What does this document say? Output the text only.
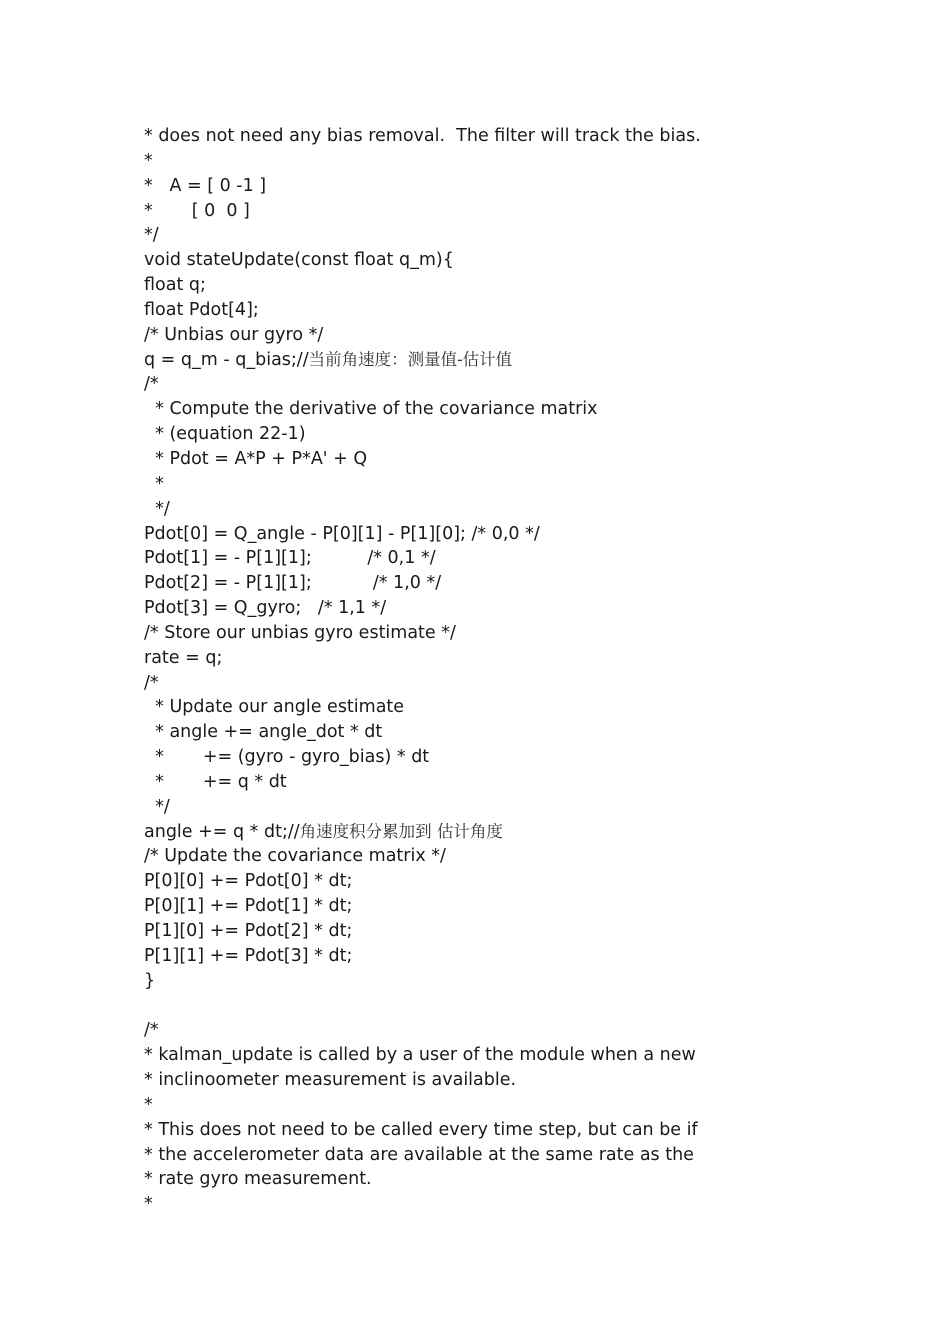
* does not need any bias removal.  The filter will track the bias.
*
*   A = [ 0 -1 ]
*       [ 0  0 ]
*/
void stateUpdate(const float q_m){
float q;
float Pdot[4];
/* Unbias our gyro */
q = q_m - q_bias;//当前角速度：测量值-估计值
/*
* Compute the derivative of the covariance matrix
* (equation 22-1)
* Pdot = A*P + P*A' + Q
*
*/
Pdot[0] = Q_angle - P[0][1] - P[1][0]; /* 0,0 */
Pdot[1] = - P[1][1];          /* 0,1 */
Pdot[2] = - P[1][1];           /* 1,0 */
Pdot[3] = Q_gyro;   /* 1,1 */
/* Store our unbias gyro estimate */
rate = q;
/*
* Update our angle estimate
* angle += angle_dot * dt
*       += (gyro - gyro_bias) * dt
*       += q * dt
*/
angle += q * dt;//角速度积分累加到 估计角度
/* Update the covariance matrix */
P[0][0] += Pdot[0] * dt;
P[0][1] += Pdot[1] * dt;
P[1][0] += Pdot[2] * dt;
P[1][1] += Pdot[3] * dt;
}
/*
* kalman_update is called by a user of the module when a new
* inclinoometer measurement is available.
*
* This does not need to be called every time step, but can be if
* the accelerometer data are available at the same rate as the
* rate gyro measurement.
*
